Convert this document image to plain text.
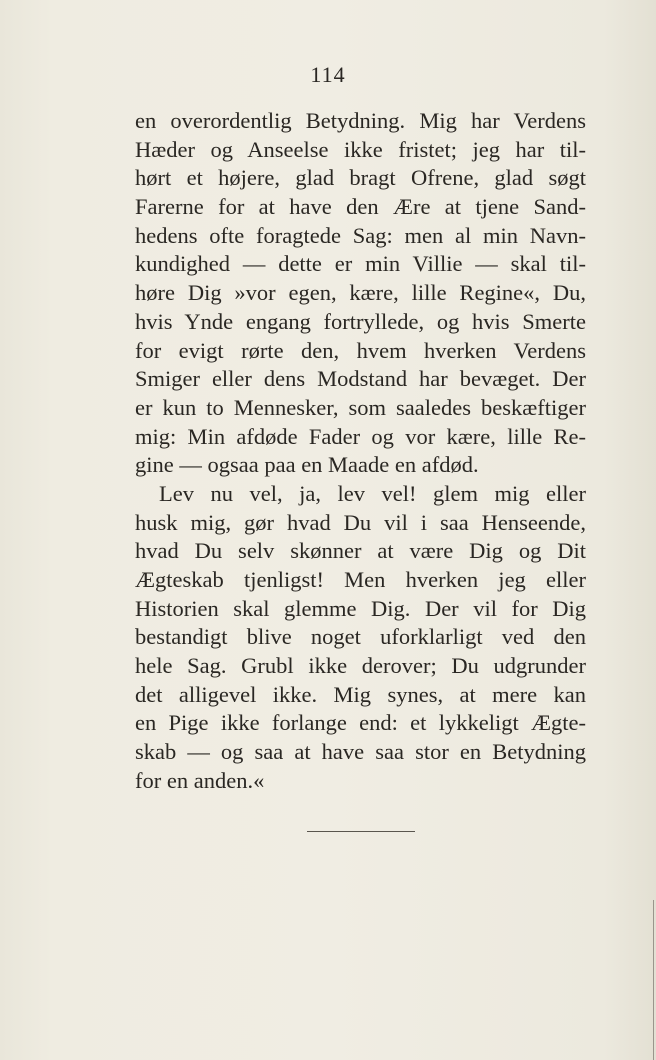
114
en overordentlig Betydning. Mig har Verdens
Hæder og Anseelse ikke fristet; jeg har til-
hørt et højere, glad bragt Ofrene, glad søgt
Farerne for at have den Ære at tjene Sand-
hedens ofte foragtede Sag: men al min Navn-
kundighed — dette er min Villie — skal til-
høre Dig »vor egen, kære, lille Regine«, Du,
hvis Ynde engang fortryllede, og hvis Smerte
for evigt rørte den, hvem hverken Verdens
Smiger eller dens Modstand har bevæget. Der
er kun to Mennesker, som saaledes beskæftiger
mig: Min afdøde Fader og vor kære, lille Re-
gine — ogsaa paa en Maade en afdød.
Lev nu vel, ja, lev vel! glem mig eller
husk mig, gør hvad Du vil i saa Henseende,
hvad Du selv skønner at være Dig og Dit
Ægteskab tjenligst! Men hverken jeg eller
Historien skal glemme Dig. Der vil for Dig
bestandigt blive noget uforklarligt ved den
hele Sag. Grubl ikke derover; Du udgrunder
det alligevel ikke. Mig synes, at mere kan
en Pige ikke forlange end: et lykkeligt Ægte-
skab — og saa at have saa stor en Betydning
for en anden.«
